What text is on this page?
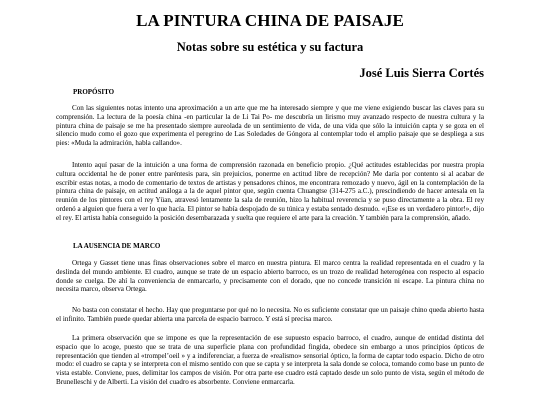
LA PINTURA CHINA DE PAISAJE
Notas sobre su estética y su factura
José Luis Sierra Cortés
PROPÓSITO

Con las siguientes notas intento una aproximación a un arte que me ha interesado siempre y que me viene exigiendo buscar las claves para su comprensión. La lectura de la poesía china -en particular la de Li Tai Po- me descubría un lirismo muy avanzado respecto de nuestra cultura y la pintura china de paisaje se me ha presentado siempre aureolada de un sentimiento de vida, de una vida que sólo la intuición capta y se goza en el silencio mudo como el gozo que experimenta el peregrino de Las Soledades de Góngora al contemplar todo el amplio paisaje que se despliega a sus pies: «Muda la admiración, habla callando».

Intento aquí pasar de la intuición a una forma de comprensión razonada en beneficio propio. ¿Qué actitudes establecidas por nuestra propia cultura occidental he de poner entre paréntesis para, sin prejuicios, ponerme en actitud libre de recepción? Me daría por contento si al acabar de escribir estas notas, a modo de comentario de textos de artistas y pensadores chinos, me encontrara remozado y nuevo, ágil en la contemplación de la pintura china de paisaje, en actitud análoga a la de aquel pintor que, según cuenta Chuangtse (314-275 a.C.), prescindiendo de hacer antesala en la reunión de los pintores con el rey Yüan, atravesó lentamente la sala de reunión, hizo la habitual reverencia y se puso directamente a la obra. El rey ordenó a alguien que fuera a ver lo que hacía. El pintor se había despojado de su túnica y estaba sentado desnudo. «¡Ese es un verdadero pintor!», dijo el rey. El artista había conseguido la posición desembarazada y suelta que requiere el arte para la creación. Y también para la comprensión, añado.

LA AUSENCIA DE MARCO

Ortega y Gasset tiene unas finas observaciones sobre el marco en nuestra pintura. El marco centra la realidad representada en el cuadro y la deslinda del mundo ambiente. El cuadro, aunque se trate de un espacio abierto barroco, es un trozo de realidad heterogénea con respecto al espacio donde se cuelga. De ahí la conveniencia de enmarcarlo, y precisamente con el dorado, que no concede transición ni escape. La pintura china no necesita marco, observa Ortega.

No basta con constatar el hecho. Hay que preguntarse por qué no lo necesita. No es suficiente constatar que un paisaje chino queda abierto hasta el infinito. También puede quedar abierta una parcela de espacio barroco. Y está sí precisa marco.

La primera observación que se impone es que la representación de ese supuesto espacio barroco, el cuadro, aunque de entidad distinta del espacio que lo acoge, puesto que se trata de una superficie plana con profundidad fingida, obedece sin embargo a unos principios ópticos de representación que tienden al «trompel’oeil » y a indiferenciar, a fuerza de «realismo» sensorial óptico, la forma de captar todo espacio. Dicho de otro modo: el cuadro se capta y se interpreta con el mismo sentido con que se capta y se interpreta la sala donde se coloca, tomando como base un punto de vista estable. Conviene, pues, delimitar los campos de visión. Por otra parte ese cuadro está captado desde un solo punto de vista, según el método de Brunelleschi y de Alberti. La visión del cuadro es absorbente. Conviene enmarcarla.
